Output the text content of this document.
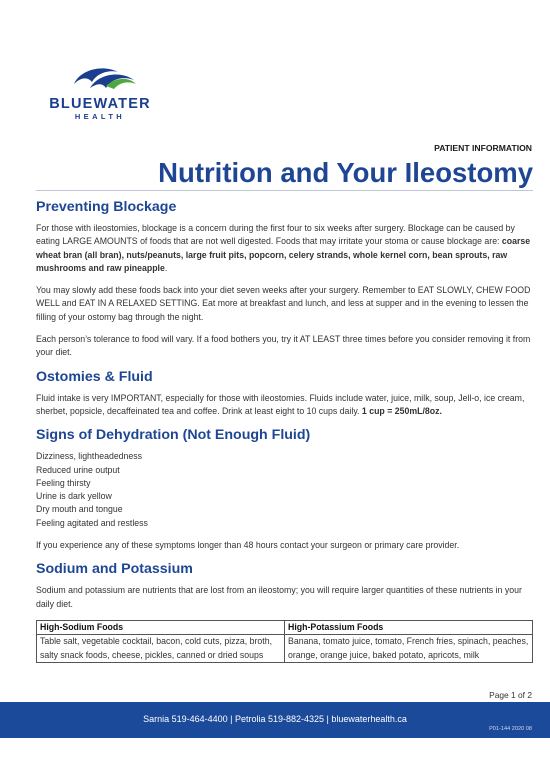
BLUEWATER
HEALTH
PATIENT INFORMATION
Nutrition and Your Ileostomy
Preventing Blockage

For those with ileostomies, blockage is a concern during the first four to six weeks after surgery. Blockage can be caused by eating LARGE AMOUNTS of foods that are not well digested. Foods that may irritate your stoma or cause blockage are: coarse wheat bran (all bran), nuts/peanuts, large fruit pits, popcorn, celery strands, whole kernel corn, bean sprouts, raw mushrooms and raw pineapple.

You may slowly add these foods back into your diet seven weeks after your surgery. Remember to EAT SLOWLY, CHEW FOOD WELL and EAT IN A RELAXED SETTING. Eat more at breakfast and lunch, and less at supper and in the evening to lessen the filling of your ostomy bag through the night.

Each person’s tolerance to food will vary. If a food bothers you, try it AT LEAST three times before you consider removing it from your diet.

Ostomies & Fluid

Fluid intake is very IMPORTANT, especially for those with ileostomies. Fluids include water, juice, milk, soup, Jell-o, ice cream, sherbet, popsicle, decaffeinated tea and coffee. Drink at least eight to 10 cups daily. 1 cup = 250mL/8oz.

Signs of Dehydration (Not Enough Fluid)
Dizziness, lightheadedness
Reduced urine output
Feeling thirsty
Urine is dark yellow
Dry mouth and tongue
Feeling agitated and restless

If you experience any of these symptoms longer than 48 hours contact your surgeon or primary care provider.

Sodium and Potassium

Sodium and potassium are nutrients that are lost from an ileostomy; you will require larger quantities of these nutrients in your daily diet.

High-Sodium Foods	High-Potassium Foods
Table salt, vegetable cocktail, bacon, cold cuts, pizza, broth, salty snack foods, cheese, pickles, canned or dried soups	Banana, tomato juice, tomato, French fries, spinach, peaches, orange, orange juice, baked potato, apricots, milk
Page 1 of 2
Sarnia 519-464-4400 | Petrolia 519-882-4325 | bluewaterhealth.ca
P01-144 2020 08
